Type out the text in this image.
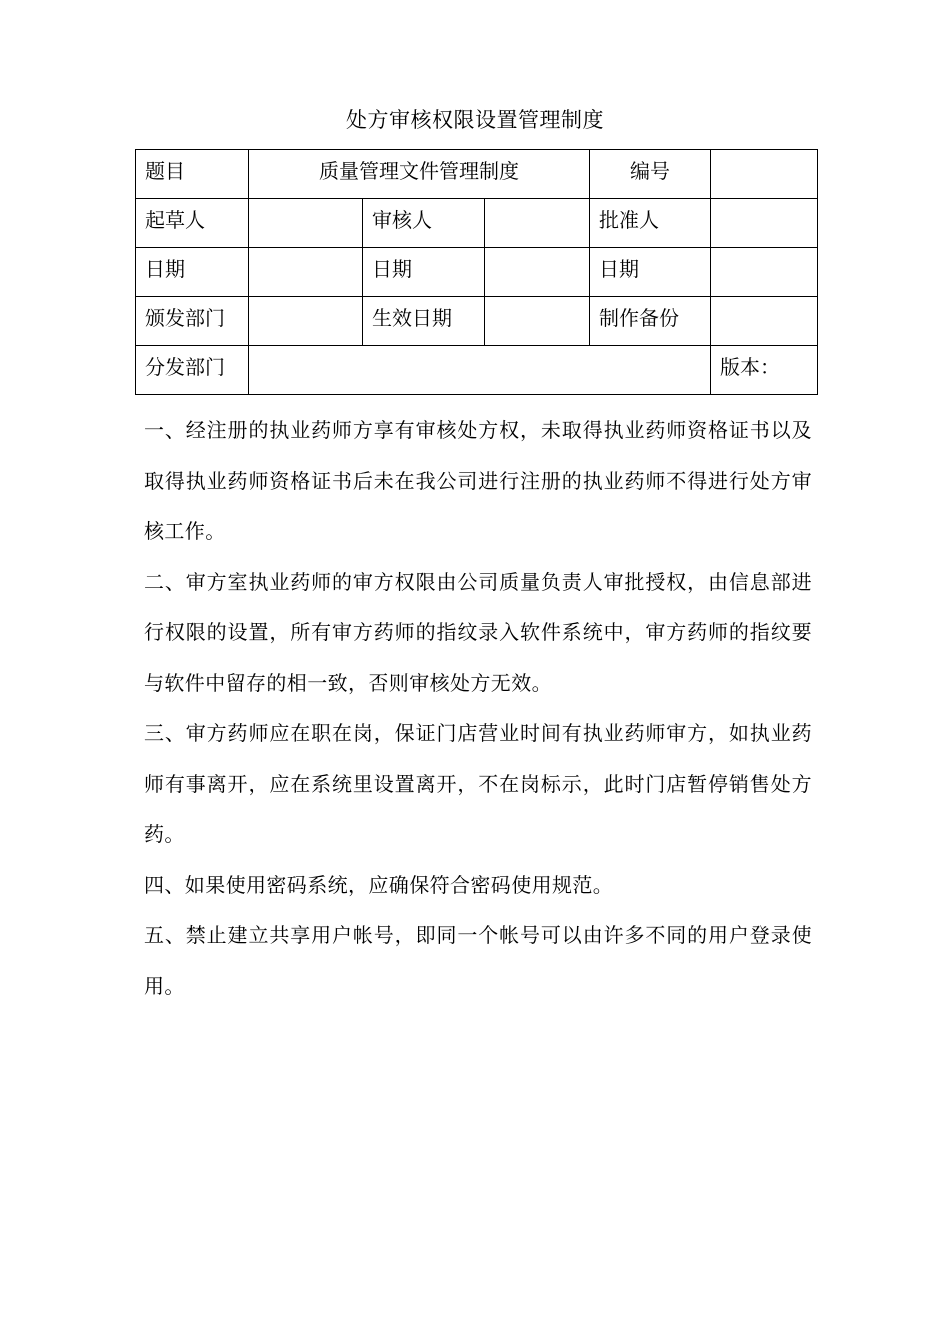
处方审核权限设置管理制度
题目	质量管理文件管理制度			编号	
起草人		审核人		批准人	
日期		日期		日期	
颁发部门		生效日期		制作备份	
分发部门					版本：

一、经注册的执业药师方享有审核处方权，未取得执业药师资格证书以及取得执业药师资格证书后未在我公司进行注册的执业药师不得进行处方审核工作。

二、审方室执业药师的审方权限由公司质量负责人审批授权，由信息部进行权限的设置，所有审方药师的指纹录入软件系统中，审方药师的指纹要与软件中留存的相一致，否则审核处方无效。

三、审方药师应在职在岗，保证门店营业时间有执业药师审方，如执业药师有事离开，应在系统里设置离开，不在岗标示，此时门店暂停销售处方药。

四、如果使用密码系统，应确保符合密码使用规范。

五、禁止建立共享用户帐号，即同一个帐号可以由许多不同的用户登录使用。
